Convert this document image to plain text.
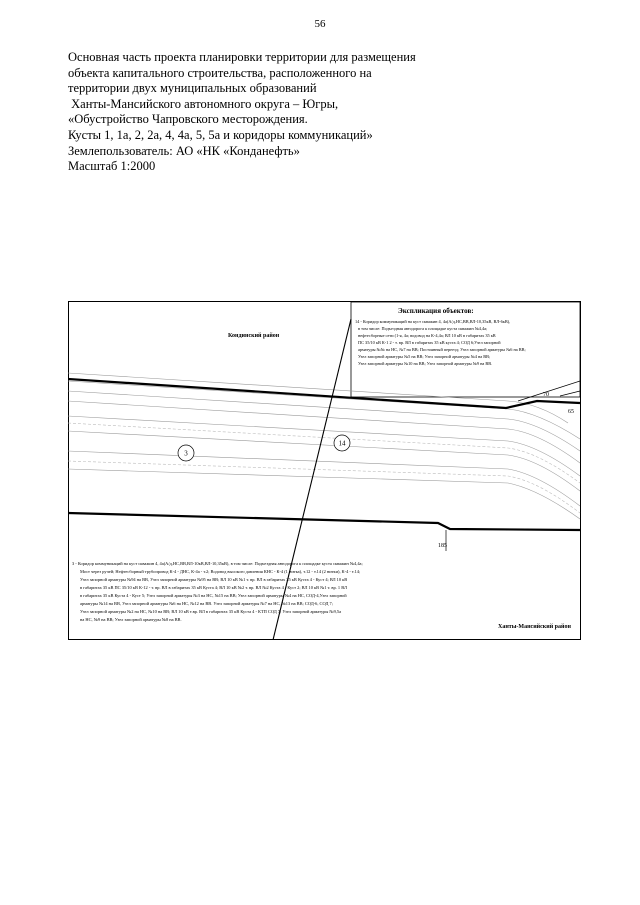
56
Основная часть проекта планировки территории для размещения
объекта капитального строительства, расположенного на
территории двух муниципальных образований
Ханты-Мансийского автономного округа – Югры,
«Обустройство Чапровского месторождения.
Кусты 1, 1а, 2, 2а, 4, 4а, 5, 5а и коридоры коммуникаций»
Землепользователь: АО «НК «Конданефть»
Масштаб 1:2000
Экспликация объектов:
14 - Коридор коммуникаций на куст скважин 4, 4а(А/д,НС,ВВ,ВЛ-10,35кВ, ВЛ-6кВ),
в том числе: Подъездная автодорога к площадке куста скважин №4,4а;
нефтесборные сети (1-я, 4а; водовод на К-4,4а; ВЛ 10 кВ в габаритах 35 кВ
ПС 35/10 кВ К-1 2 - т. вр. ВЛ в габаритах 35 кВ куста 4; СОД 6;Узел запорной
арматуры №№ на НС, №7 на ВВ; Постоянный переезд; Узел запорной арматуры №6 на ВВ;
Узел запорной арматуры №5 на ВВ; Узел запорной арматуры №4 на ВВ;
Узел запорной арматуры №10 на ВВ; Узел запорной арматуры №9 на ВВ.
Кондинский район
3
14
70
65
185
3 - Коридор коммуникаций на куст скважин 4, 4а(А/д,НС,ВВ,ВЛ-10кВ,ВЛ-10,35кВ), в том числе: Подъездная автодорога к площадке куста скважин №4,4а;
Мост через ручей; Нефтесборный трубопровод К-4 - ДНС, К-4а - т.2; Водовод высокого давления КНС - К-4 (1 нитка), т.12 - т.14 (2 нитки), К-4 - т.14;
Узел запорной арматуры №94 на ВВ, Узел запорной арматуры №95 на ВВ; ВЛ 10 кВ №1 т. вр. ВЛ в габаритах 35 кВ Куста 4 - Куст 4; ВЛ 10 кВ
в габаритах 35 кВ ПС 35/10 кВ К-12 - т. вр. ВЛ в габаритах 35 кВ Куста 4; ВЛ 10 кВ №2 т. вр. ВЛ №2 Куста 4 - Куст 2; ВЛ 10 кВ №1 т. вр. 1 ВЛ
в габаритах 35 кВ Куста 4 - Куст 5; Узел запорной арматуры №3 на НС, №15 на ВВ; Узел запорной арматуры №4 на НС, СОД-4,Узел запорной
арматуры №14 на ВВ, Узел запорной арматуры №6 на НС, №12 на ВВ. Узел запорной арматуры №7 на НС, №13 на ВВ; СОД-6, СОД 7;
Узел запорной арматуры №2 на НС, №10 на ВВ; ВЛ 10 кВ т.вр. ВЛ в габаритах 35 кВ Куста 4 - КТП СОД 7; Узел запорной арматуры №9,5а
на НС, №9 на ВВ; Узел запорной арматуры №8 на ВВ.
Ханты-Мансийский район
